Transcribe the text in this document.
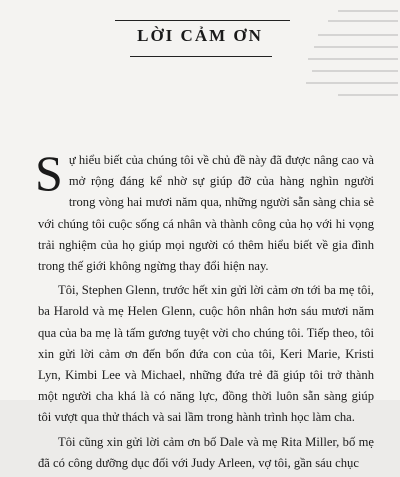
LỜI CẢM ƠN

Sự hiểu biết của chúng tôi về chủ đề này đã được nâng cao và mở rộng đáng kể nhờ sự giúp đỡ của hàng nghìn người trong vòng hai mươi năm qua, những người sẵn sàng chia sẻ với chúng tôi cuộc sống cá nhân và thành công của họ với hi vọng trải nghiệm của họ giúp mọi người có thêm hiểu biết về gia đình trong thế giới không ngừng thay đổi hiện nay.

Tôi, Stephen Glenn, trước hết xin gửi lời cảm ơn tới ba mẹ tôi, ba Harold và mẹ Helen Glenn, cuộc hôn nhân hơn sáu mươi năm qua của ba mẹ là tấm gương tuyệt vời cho chúng tôi. Tiếp theo, tôi xin gửi lời cảm ơn đến bốn đứa con của tôi, Keri Marie, Kristi Lyn, Kimbi Lee và Michael, những đứa trẻ đã giúp tôi trở thành một người cha khá là có năng lực, đồng thời luôn sẵn sàng giúp tôi vượt qua thử thách và sai lầm trong hành trình học làm cha.

Tôi cũng xin gửi lời cảm ơn bố Dale và mẹ Rita Miller, bố mẹ đã có công dưỡng dục đối với Judy Arleen, vợ tôi, gần sáu chục
